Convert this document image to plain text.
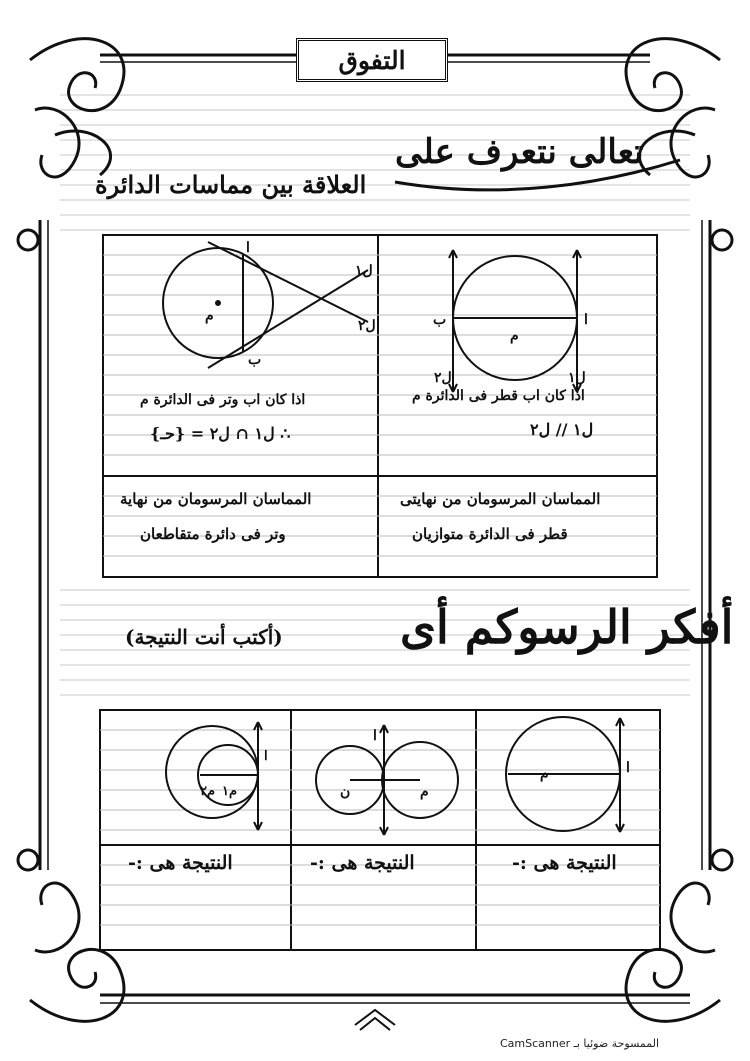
م
ا
ب
ل١
ل٢
م
ا
ب
ل١
ل٢
م	ا
ن	م
ا
م٢ م١
ا
التفوق
تعالى نتعرف على
العلاقة بين مماسات الدائرة
اذا كان اب قطر فى الدائرة م
ل١ // ل٢
اذا كان اب وتر فى الدائرة م
∴ ل١ ∩ ل٢ = {حـ}
المماسان المرسومان من نهايتى
قطر فى الدائرة متوازيان
المماسان المرسومان من نهاية
وتر فى دائرة متقاطعان
أفكر الرسوكم أى
(أكتب أنت النتيجة)
النتيجة هى :-
النتيجة هى :-
النتيجة هى :-
الممسوحة ضوئيا بـ CamScanner
